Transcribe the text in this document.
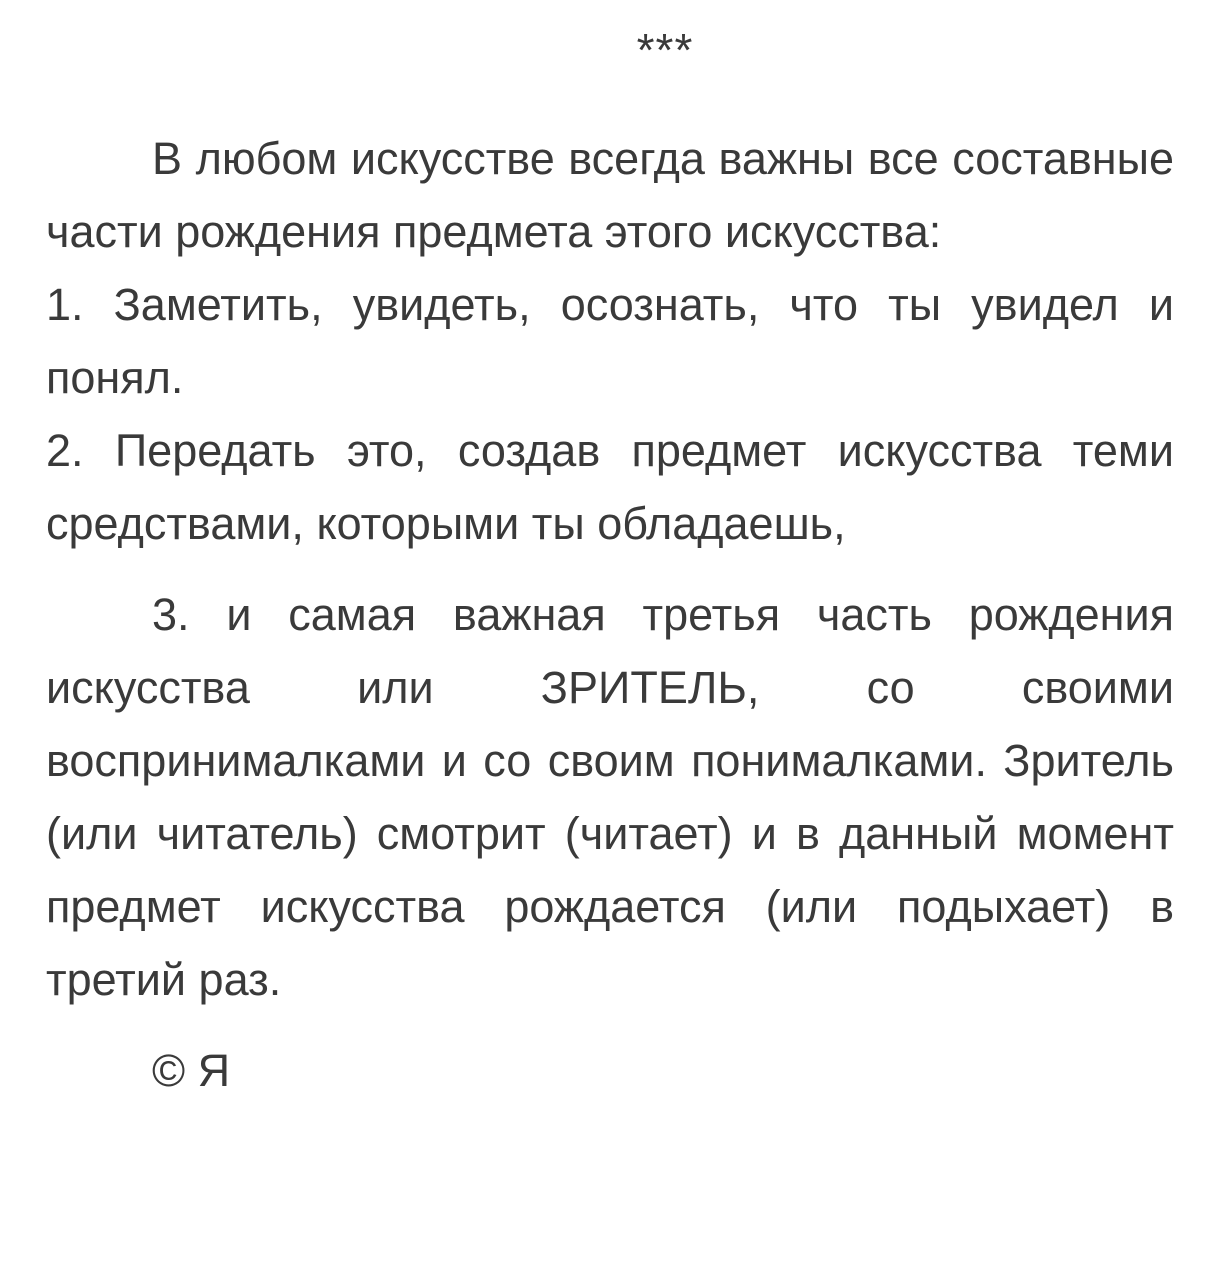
***

В любом искусстве всегда важны все составные части рождения предмета этого искусства:

1. Заметить, увидеть, осознать, что ты увидел и понял.

2. Передать это, создав предмет искусства теми средствами, которыми ты обладаешь,

3. и самая важная третья часть рождения искусства или ЗРИТЕЛЬ, со своими воспринималками и со своим понималками. Зритель (или читатель) смотрит (читает) и в данный момент предмет искусства рождается (или подыхает) в третий раз.

© Я
